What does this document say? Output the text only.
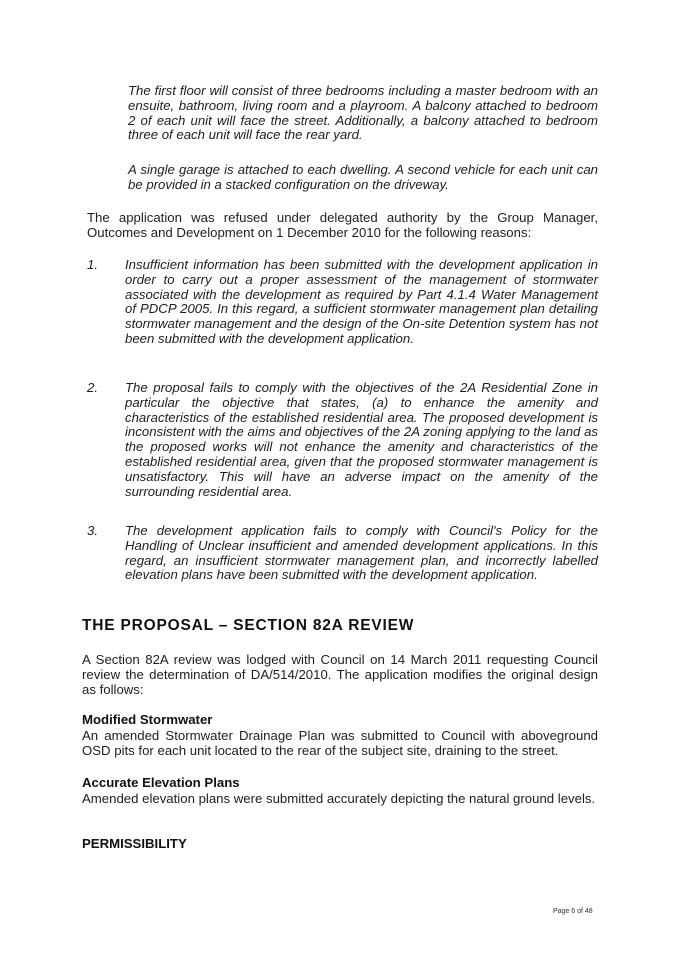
The first floor will consist of three bedrooms including a master bedroom with an ensuite, bathroom, living room and a playroom. A balcony attached to bedroom 2 of each unit will face the street. Additionally, a balcony attached to bedroom three of each unit will face the rear yard.
A single garage is attached to each dwelling. A second vehicle for each unit can be provided in a stacked configuration on the driveway.
The application was refused under delegated authority by the Group Manager, Outcomes and Development on 1 December 2010 for the following reasons:
1. Insufficient information has been submitted with the development application in order to carry out a proper assessment of the management of stormwater associated with the development as required by Part 4.1.4 Water Management of PDCP 2005. In this regard, a sufficient stormwater management plan detailing stormwater management and the design of the On-site Detention system has not been submitted with the development application.
2. The proposal fails to comply with the objectives of the 2A Residential Zone in particular the objective that states, (a) to enhance the amenity and characteristics of the established residential area. The proposed development is inconsistent with the aims and objectives of the 2A zoning applying to the land as the proposed works will not enhance the amenity and characteristics of the established residential area, given that the proposed stormwater management is unsatisfactory. This will have an adverse impact on the amenity of the surrounding residential area.
3. The development application fails to comply with Council's Policy for the Handling of Unclear insufficient and amended development applications. In this regard, an insufficient stormwater management plan, and incorrectly labelled elevation plans have been submitted with the development application.
THE PROPOSAL – SECTION 82A REVIEW
A Section 82A review was lodged with Council on 14 March 2011 requesting Council review the determination of DA/514/2010. The application modifies the original design as follows:
Modified Stormwater
An amended Stormwater Drainage Plan was submitted to Council with aboveground OSD pits for each unit located to the rear of the subject site, draining to the street.
Accurate Elevation Plans
Amended elevation plans were submitted accurately depicting the natural ground levels.
PERMISSIBILITY
Page 6 of 48
